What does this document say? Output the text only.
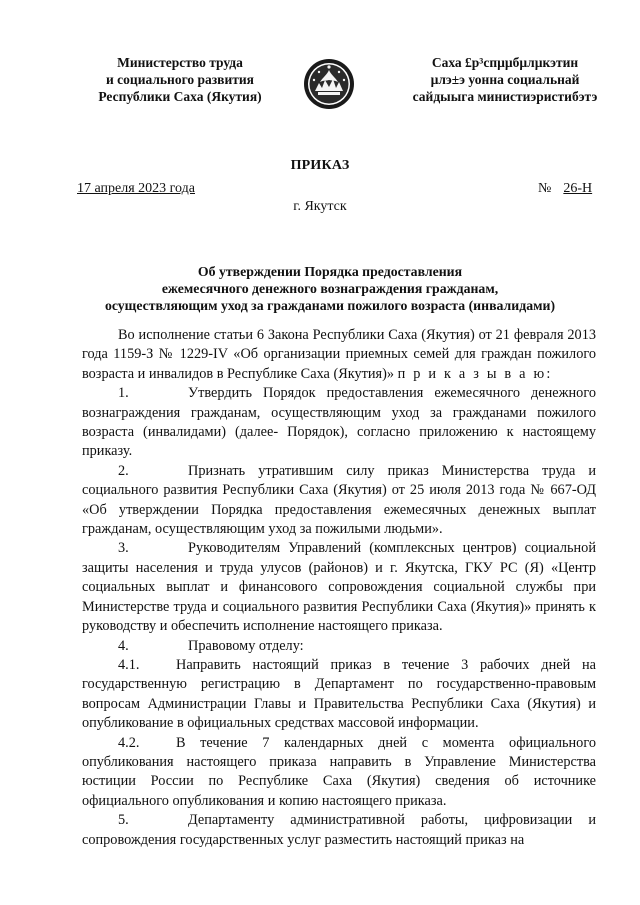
Министерство труда
и социального развития
Республики Саха (Якутия)
Саха £р³спµµбµлµкэтин
µлэ±э уонна социальнай
сайдыыга министиэристибэтэ
ПРИКАЗ
17 апреля 2023 года	№ 26-Н
г. Якутск
Об утверждении Порядка предоставления
ежемесячного денежного вознаграждения гражданам,
осуществляющим уход за гражданами пожилого возраста (инвалидами)

Во исполнение статьи 6 Закона Республики Саха (Якутия) от 21 февраля 2013 года 1159-З № 1229-IV «Об организации приемных семей для граждан пожилого возраста и инвалидов в Республике Саха (Якутия)» п р и к а з ы в а ю:

1.	Утвердить Порядок предоставления ежемесячного денежного вознаграждения гражданам, осуществляющим уход за гражданами пожилого возраста (инвалидами) (далее- Порядок), согласно приложению к настоящему приказу.

2.	Признать утратившим силу приказ Министерства труда и социального развития Республики Саха (Якутия) от 25 июля 2013 года № 667-ОД «Об утверждении Порядка предоставления ежемесячных денежных выплат гражданам, осуществляющим уход за пожилыми людьми».

3.	Руководителям Управлений (комплексных центров) социальной защиты населения и труда улусов (районов) и г. Якутска, ГКУ РС (Я) «Центр социальных выплат и финансового сопровождения социальной службы при Министерстве труда и социального развития Республики Саха (Якутия)» принять к руководству и обеспечить исполнение настоящего приказа.

4.	Правовому отделу:

4.1.	Направить настоящий приказ в течение 3 рабочих дней на государственную регистрацию в Департамент по государственно-правовым вопросам Администрации Главы и Правительства Республики Саха (Якутия) и опубликование в официальных средствах массовой информации.

4.2.	В течение 7 календарных дней с момента официального опубликования настоящего приказа направить в Управление Министерства юстиции России по Республике Саха (Якутия) сведения об источнике официального опубликования и копию настоящего приказа.

5.	Департаменту административной работы, цифровизации и сопровождения государственных услуг разместить настоящий приказ на
